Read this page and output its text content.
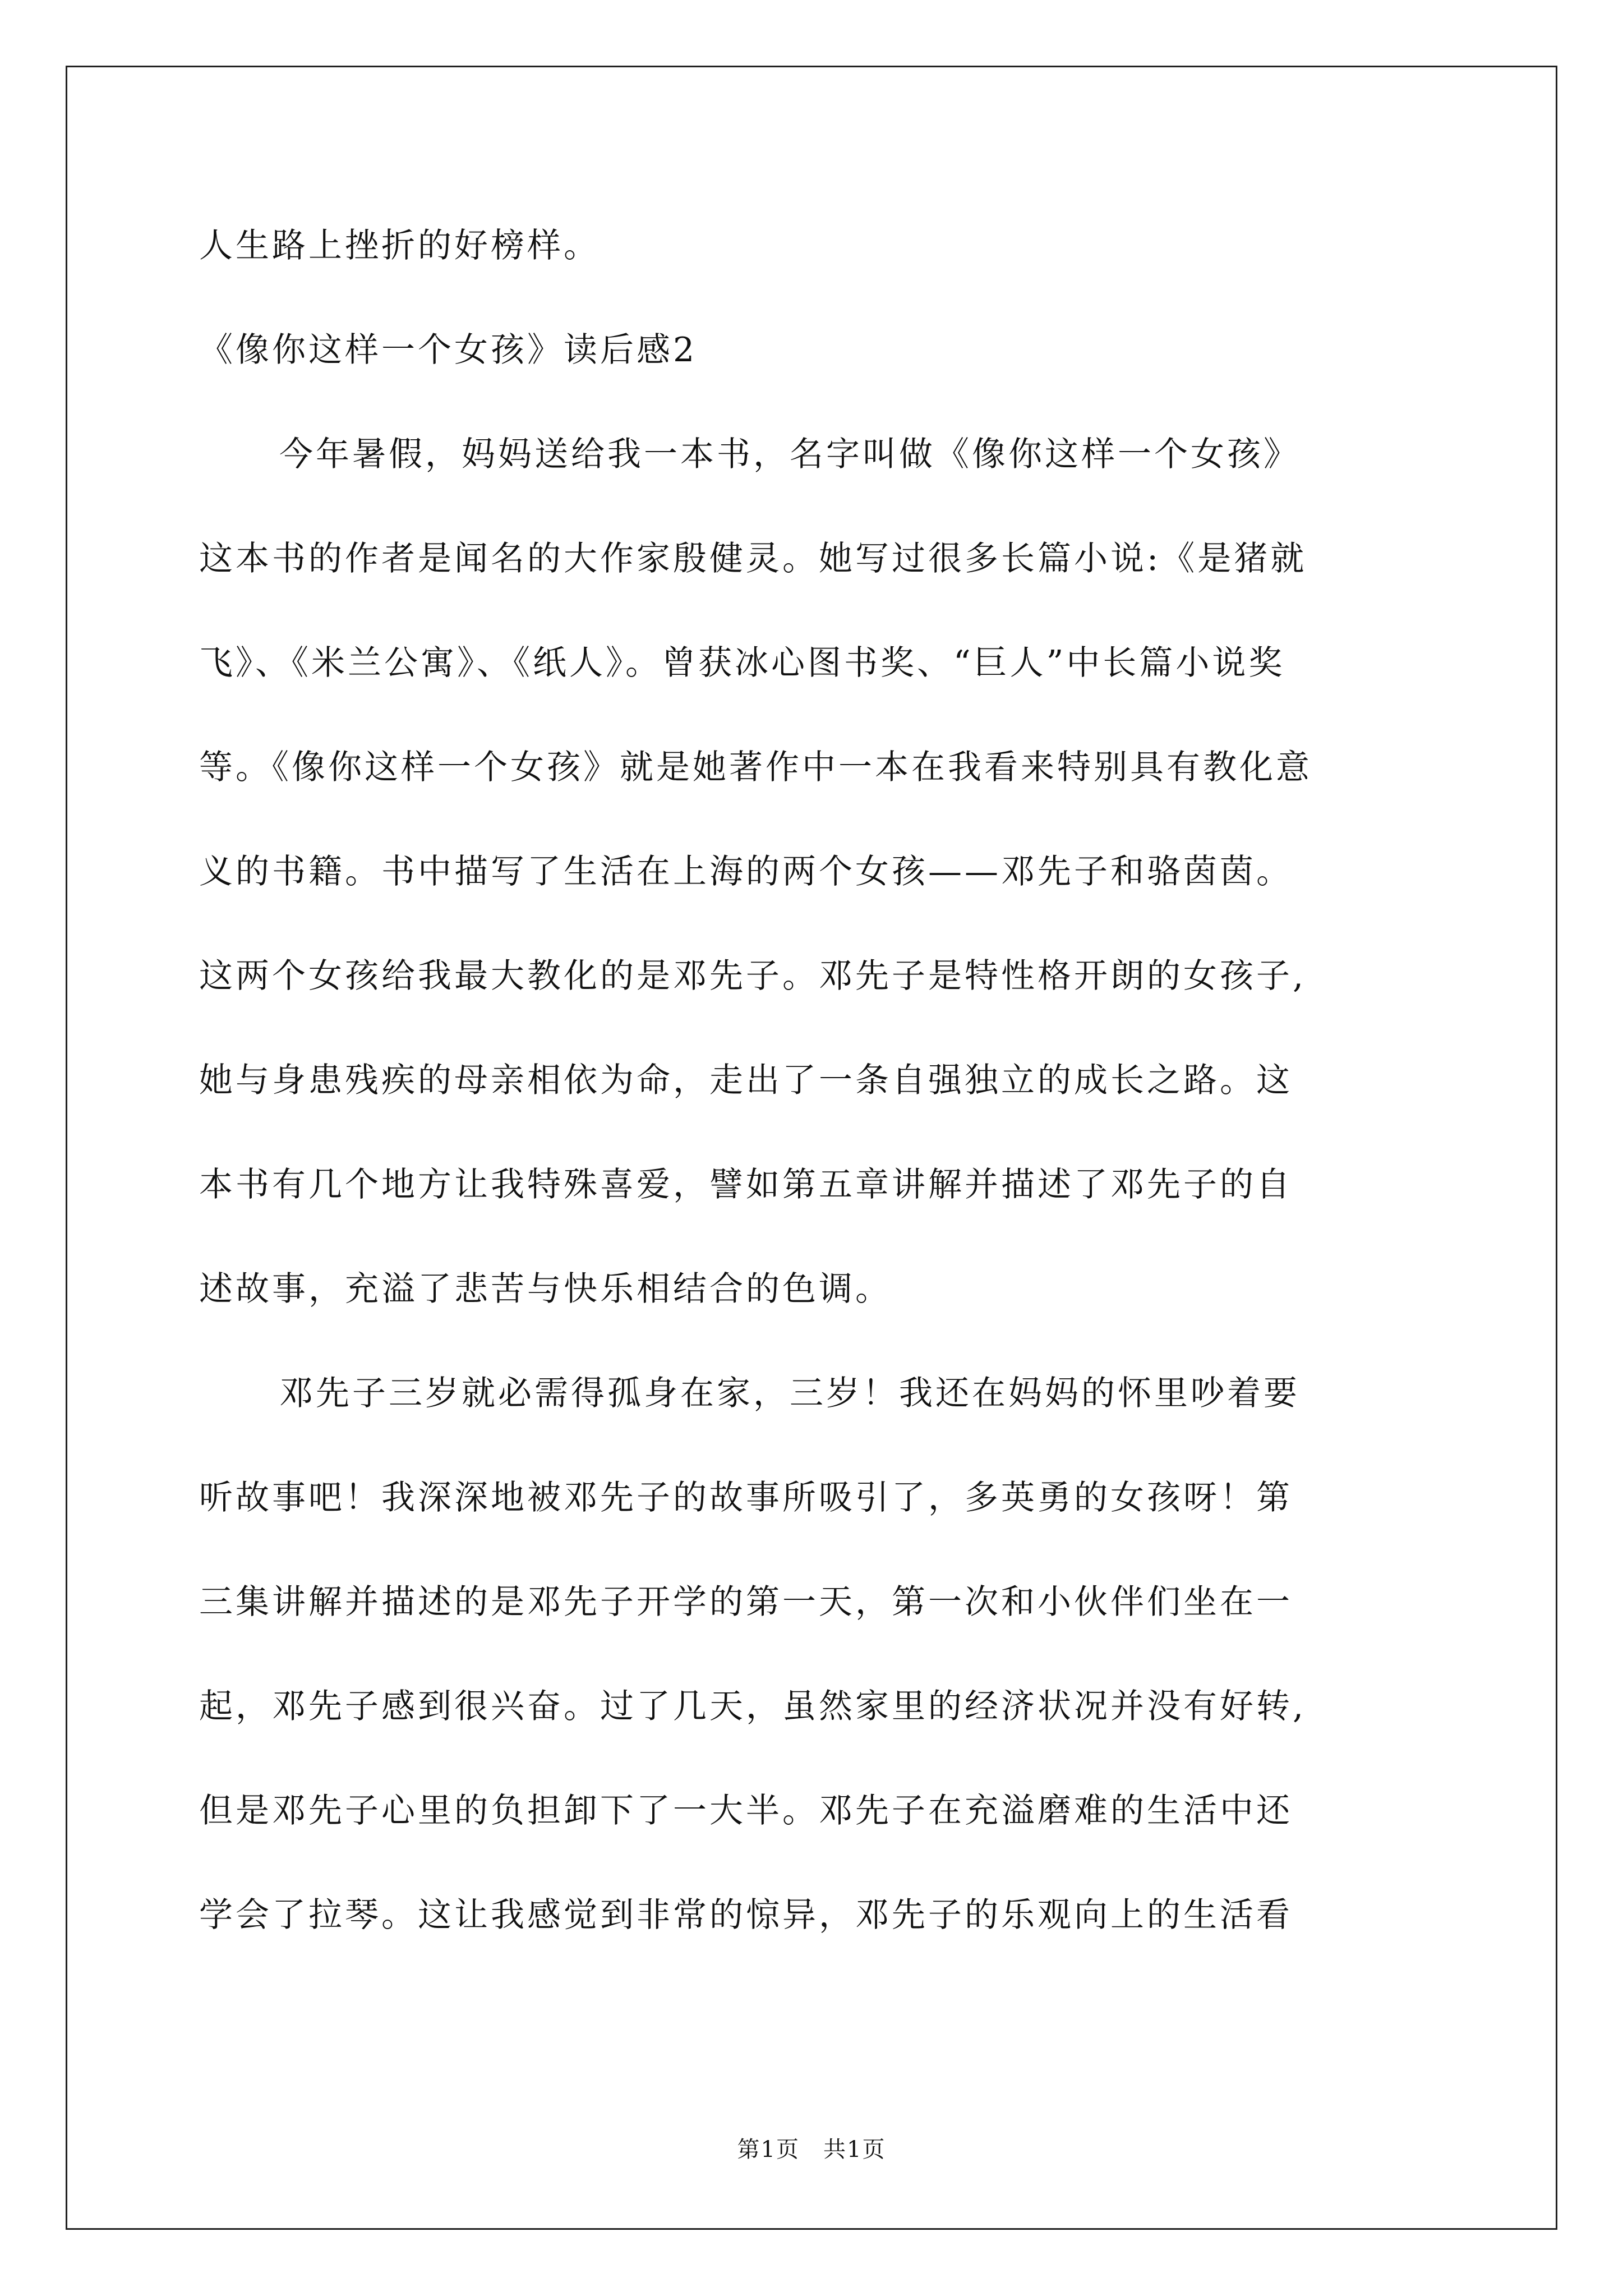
人生路上挫折的好榜样。
《像你这样一个女孩》读后感2
今年暑假，妈妈送给我一本书，名字叫做《像你这样一个女孩》
这本书的作者是闻名的大作家殷健灵。她写过很多长篇小说:《是猪就
飞》、《米兰公寓》、《纸人》。曾获冰心图书奖、“巨人”中长篇小说奖
等。《像你这样一个女孩》就是她著作中一本在我看来特别具有教化意
义的书籍。书中描写了生活在上海的两个女孩——邓先子和骆茵茵。
这两个女孩给我最大教化的是邓先子。邓先子是特性格开朗的女孩子,
她与身患残疾的母亲相依为命，走出了一条自强独立的成长之路。这
本书有几个地方让我特殊喜爱，譬如第五章讲解并描述了邓先子的自
述故事，充溢了悲苦与快乐相结合的色调。
邓先子三岁就必需得孤身在家，三岁！我还在妈妈的怀里吵着要
听故事吧！我深深地被邓先子的故事所吸引了，多英勇的女孩呀！第
三集讲解并描述的是邓先子开学的第一天，第一次和小伙伴们坐在一
起，邓先子感到很兴奋。过了几天，虽然家里的经济状况并没有好转,
但是邓先子心里的负担卸下了一大半。邓先子在充溢磨难的生活中还
学会了拉琴。这让我感觉到非常的惊异，邓先子的乐观向上的生活看
第1页　共1页
